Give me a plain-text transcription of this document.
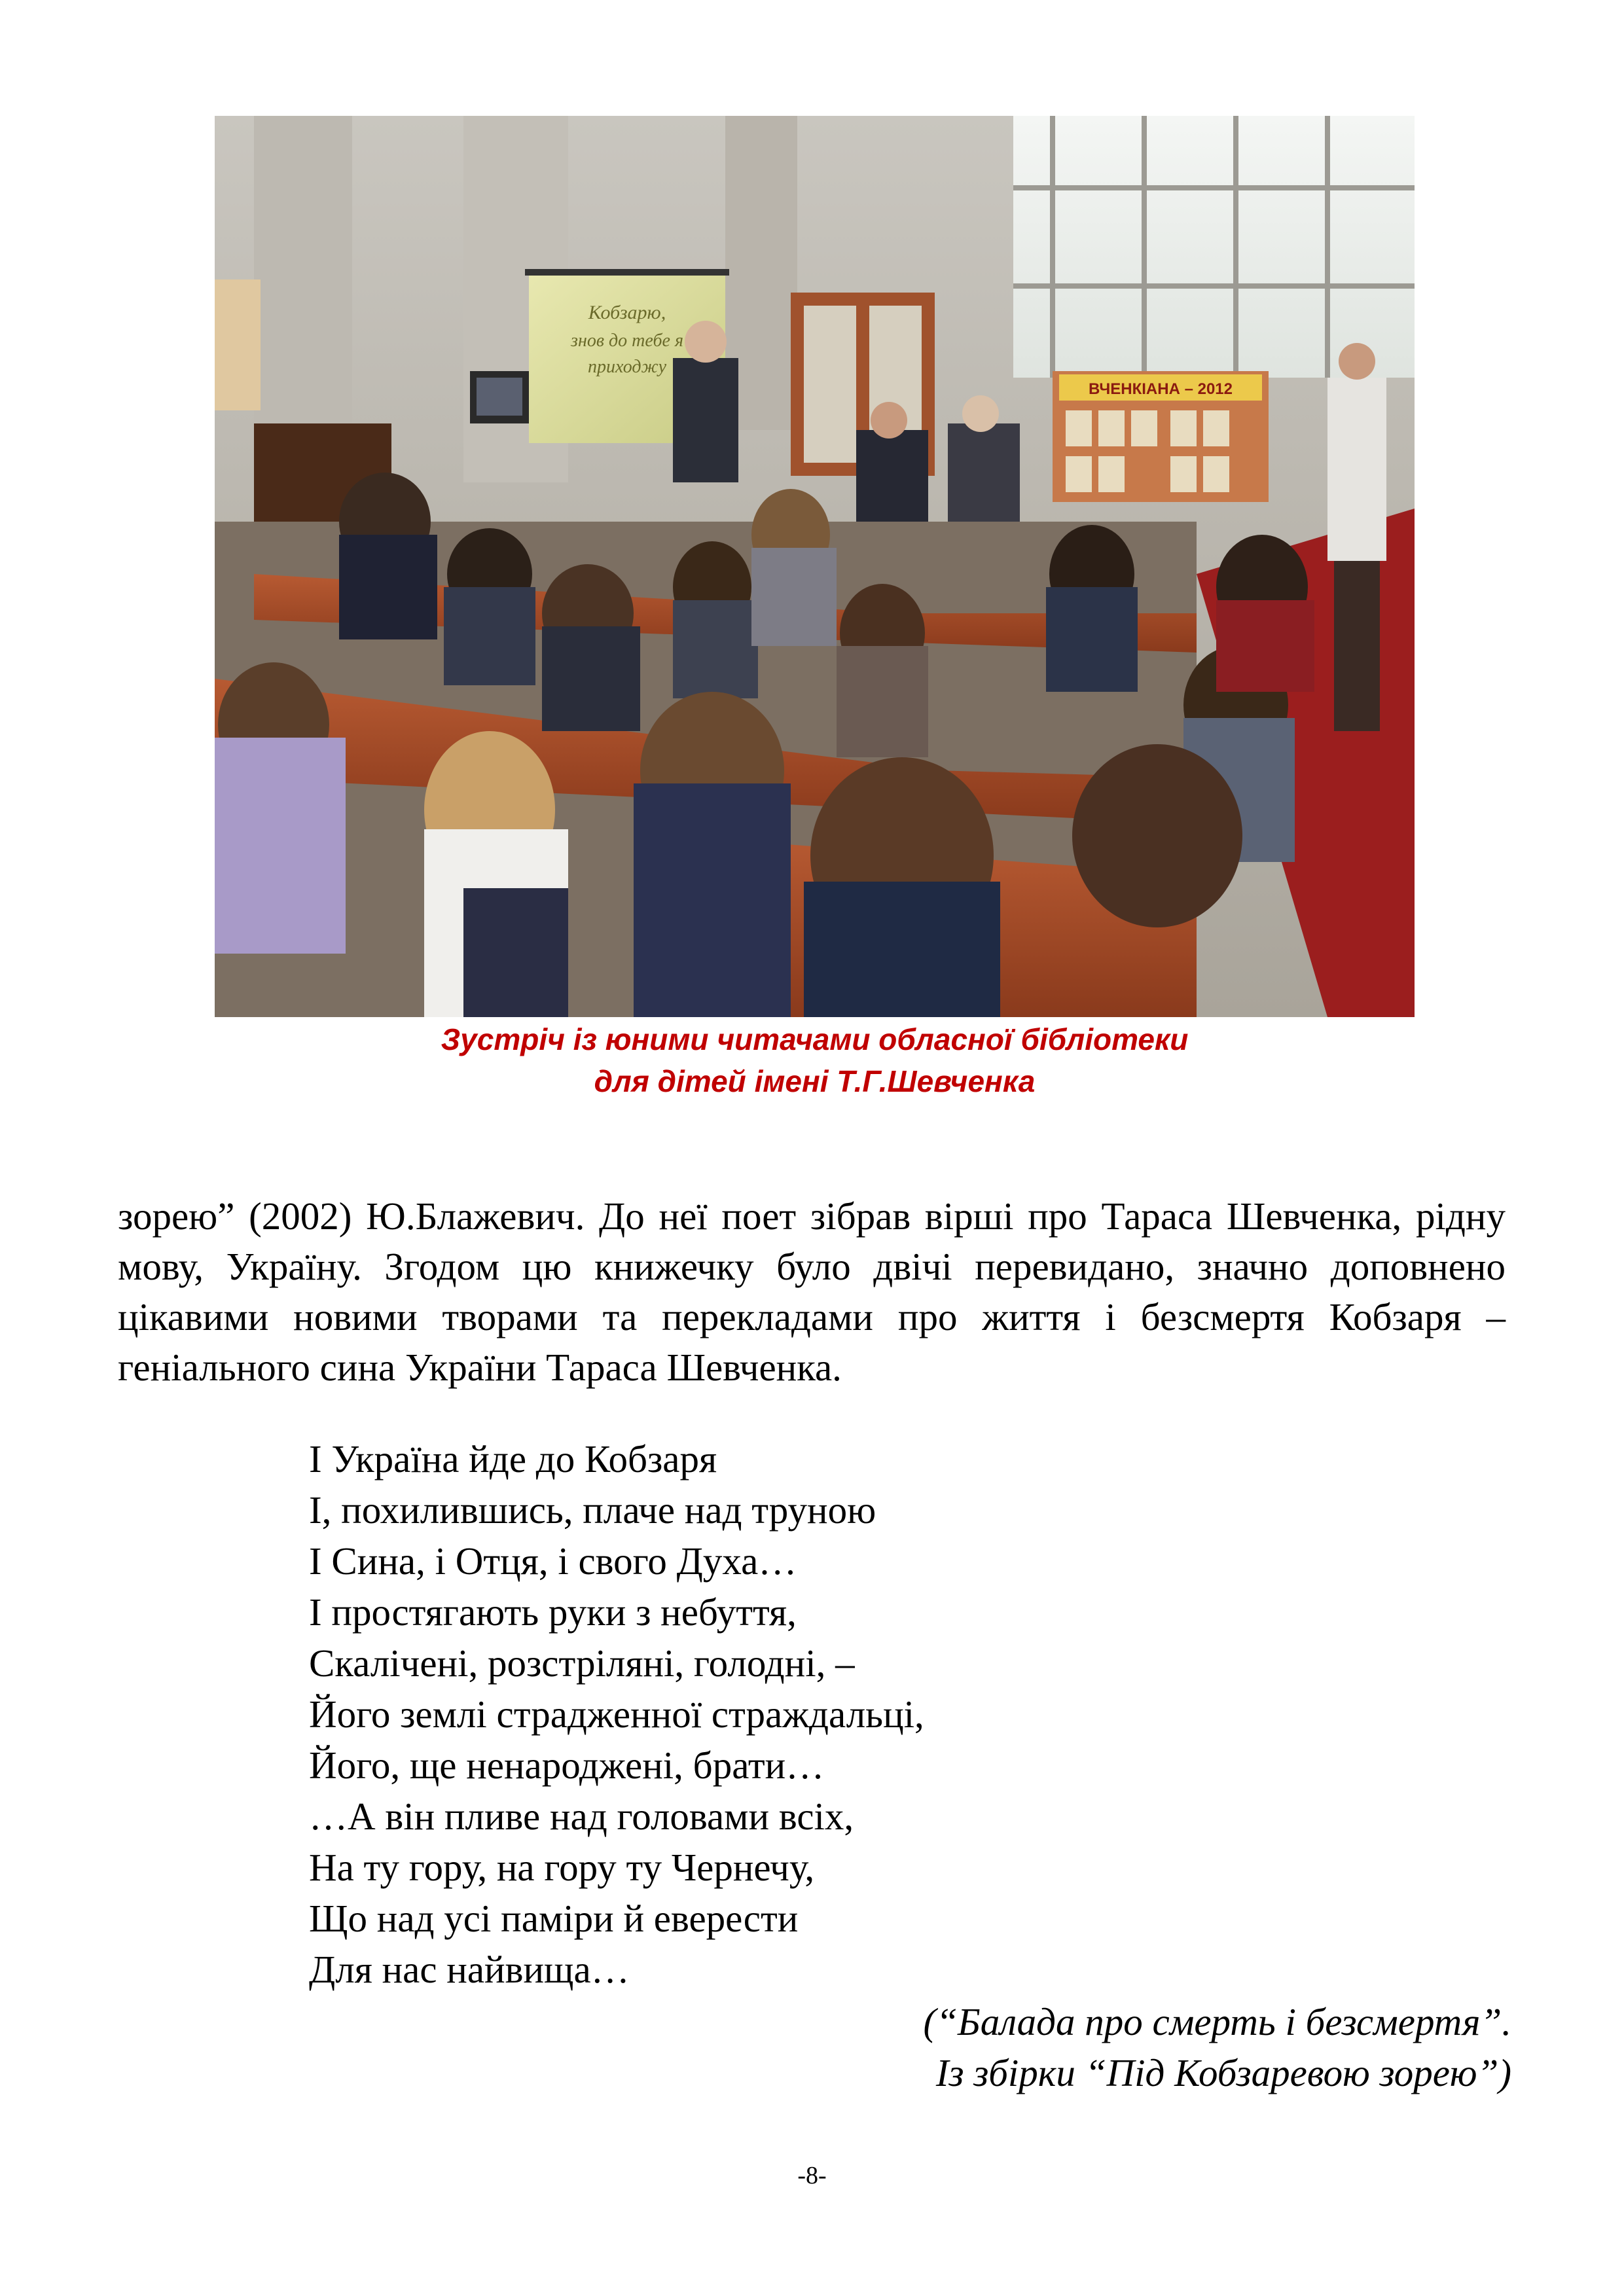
Кобзарю,
знов до тебе я
приходжу
ВЧЕНКІАНА – 2012
Зустріч із юними читачами обласної бібліотеки
для дітей імені Т.Г.Шевченка
зорею” (2002) Ю.Блажевич. До неї поет зібрав вірші про Тараса Шевченка, рідну мову, Україну. Згодом цю книжечку було двічі перевидано, значно доповнено цікавими новими творами та перекладами про життя і безсмертя Кобзаря – геніального сина України Тараса Шевченка.
І Україна йде до Кобзаря
І, похилившись, плаче над труною
І Сина, і Отця, і свого Духа…
І простягають руки з небуття,
Скалічені, розстріляні, голодні, –
Його землі страдженної страждальці,
Його, ще ненароджені, брати…
…А він пливе над головами всіх,
На ту гору, на гору ту Чернечу,
Що над усі паміри й еверести
Для нас найвища…
(“Балада про смерть і безсмертя”.
Із збірки “Під Кобзаревою зорею”)
-8-
